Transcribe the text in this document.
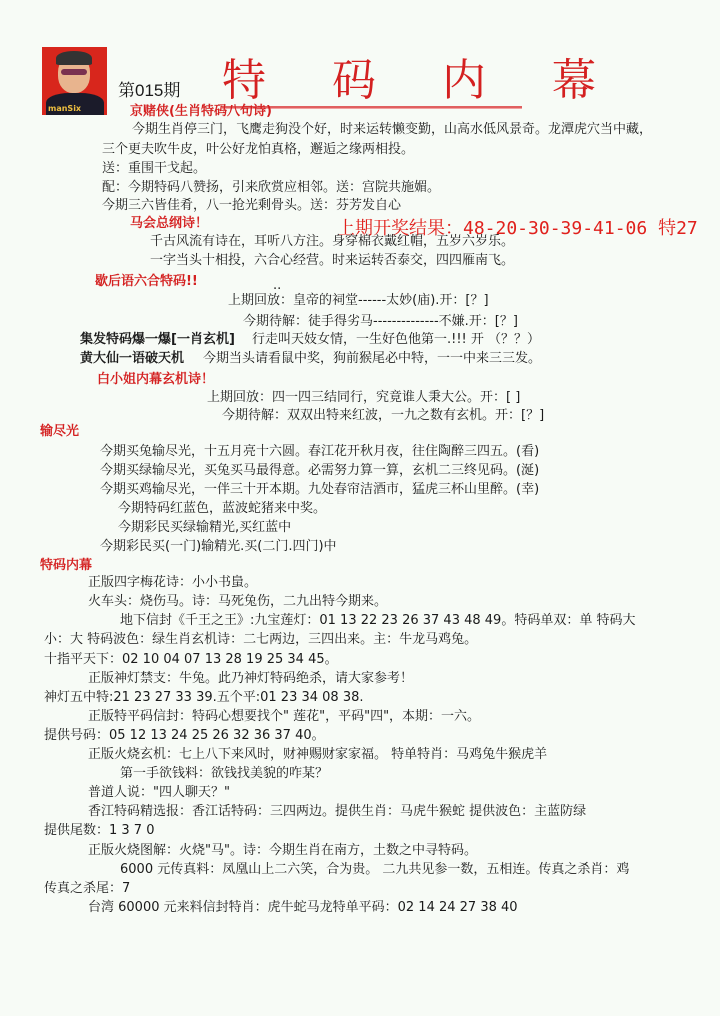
manSix
第015期 特 码 内 幕
上期开奖结果：48-20-30-39-41-06 特27
京赌侠(生肖特码八句诗)
今期生肖停三门，飞鹰走狗没个好，时来运转懒变勤，山高水低风景奇。龙潭虎穴当中藏，
三个更夫吹牛皮，叶公好龙怕真格，邂逅之缘两相投。
送：重围干戈起。
配：今期特码八赞扬，引来欣赏应相邻。送：宫院共施媚。
今期三六皆佳肴，八一抢光剩骨头。送：芬芳发自心
马会总纲诗！
千古风流有诗在，耳听八方注。身穿棉衣戴红帽，五岁六岁乐。
一字当头十相投，六合心经营。时来运转否泰交，四四雁南飞。
歇后语六合特码!!	..
上期回放：皇帝的祠堂------太妙(庙).开：[？]
今期待解：徒手得劣马--------------不嫌.开：[？]
集发特码爆一爆[一肖玄机] 行走叫天妓女情，一生好色他第一.!!! 开 （？？）
黄大仙一语破天机 今期当头请看鼠中奖，狗前猴尾必中特，一一中来三三发。
白小姐内幕玄机诗！
上期回放：四一四三结同行，究竟谁人秉大公。开：[ ]
今期待解：双双出特来红波，一九之数有玄机。开：[？]
输尽光
今期买兔输尽光，十五月亮十六圆。春江花开秋月夜，往住陶醉三四五。(看)
今期买绿输尽光，买兔买马最得意。必需努力算一算，玄机二三终见码。(涎)
今期买鸡输尽光，一伴三十开本期。九处春帘洁酒市，猛虎三杯山里醉。(幸)
今期特码红蓝色，蓝波蛇猪来中奖。
今期彩民买绿输精光,买红蓝中
今期彩民买(一门)输精光.买(二门.四门)中
特码内幕
正版四字梅花诗：小小书蛗。
火车头：烧伤马。诗：马死兔伤，二九出特今期来。
地下信封《千王之王》:九宝莲灯：01 13 22 23 26 37 43 48 49。特码单双：单 特码大
小：大 特码波色：绿生肖玄机诗：二七两边，三四出来。主：牛龙马鸡兔。
十指平天下：02 10 04 07 13 28 19 25 34 45。
正版神灯禁支：牛兔。此乃神灯特码绝杀，请大家参考！
神灯五中特:21 23 27 33 39.五个平:01 23 34 08 38.
正版特平码信封：特码心想要找个" 莲花"，平码"四"，本期：一六。
提供号码：05 12 13 24 25 26 32 36 37 40。
正版火烧玄机：七上八下来风时，财神赐财家家福。 特单特肖：马鸡兔牛猴虎羊
第一手欲钱料：欲钱找美貌的咋某？
普道人说："四人聊天？"
香江特码精选报：香江话特码：三四两边。提供生肖：马虎牛猴蛇 提供波色：主蓝防绿
提供尾数：1 3 7 0
正版火烧图解：火烧"马"。诗：今期生肖在南方，土数之中寻特码。
6000 元传真料：凤凰山上二六笑，合为贵。 二九共见参一数，五相连。传真之杀肖：鸡
传真之杀尾：7
台湾 60000 元来料信封特肖：虎牛蛇马龙特单平码：02 14 24 27 38 40
